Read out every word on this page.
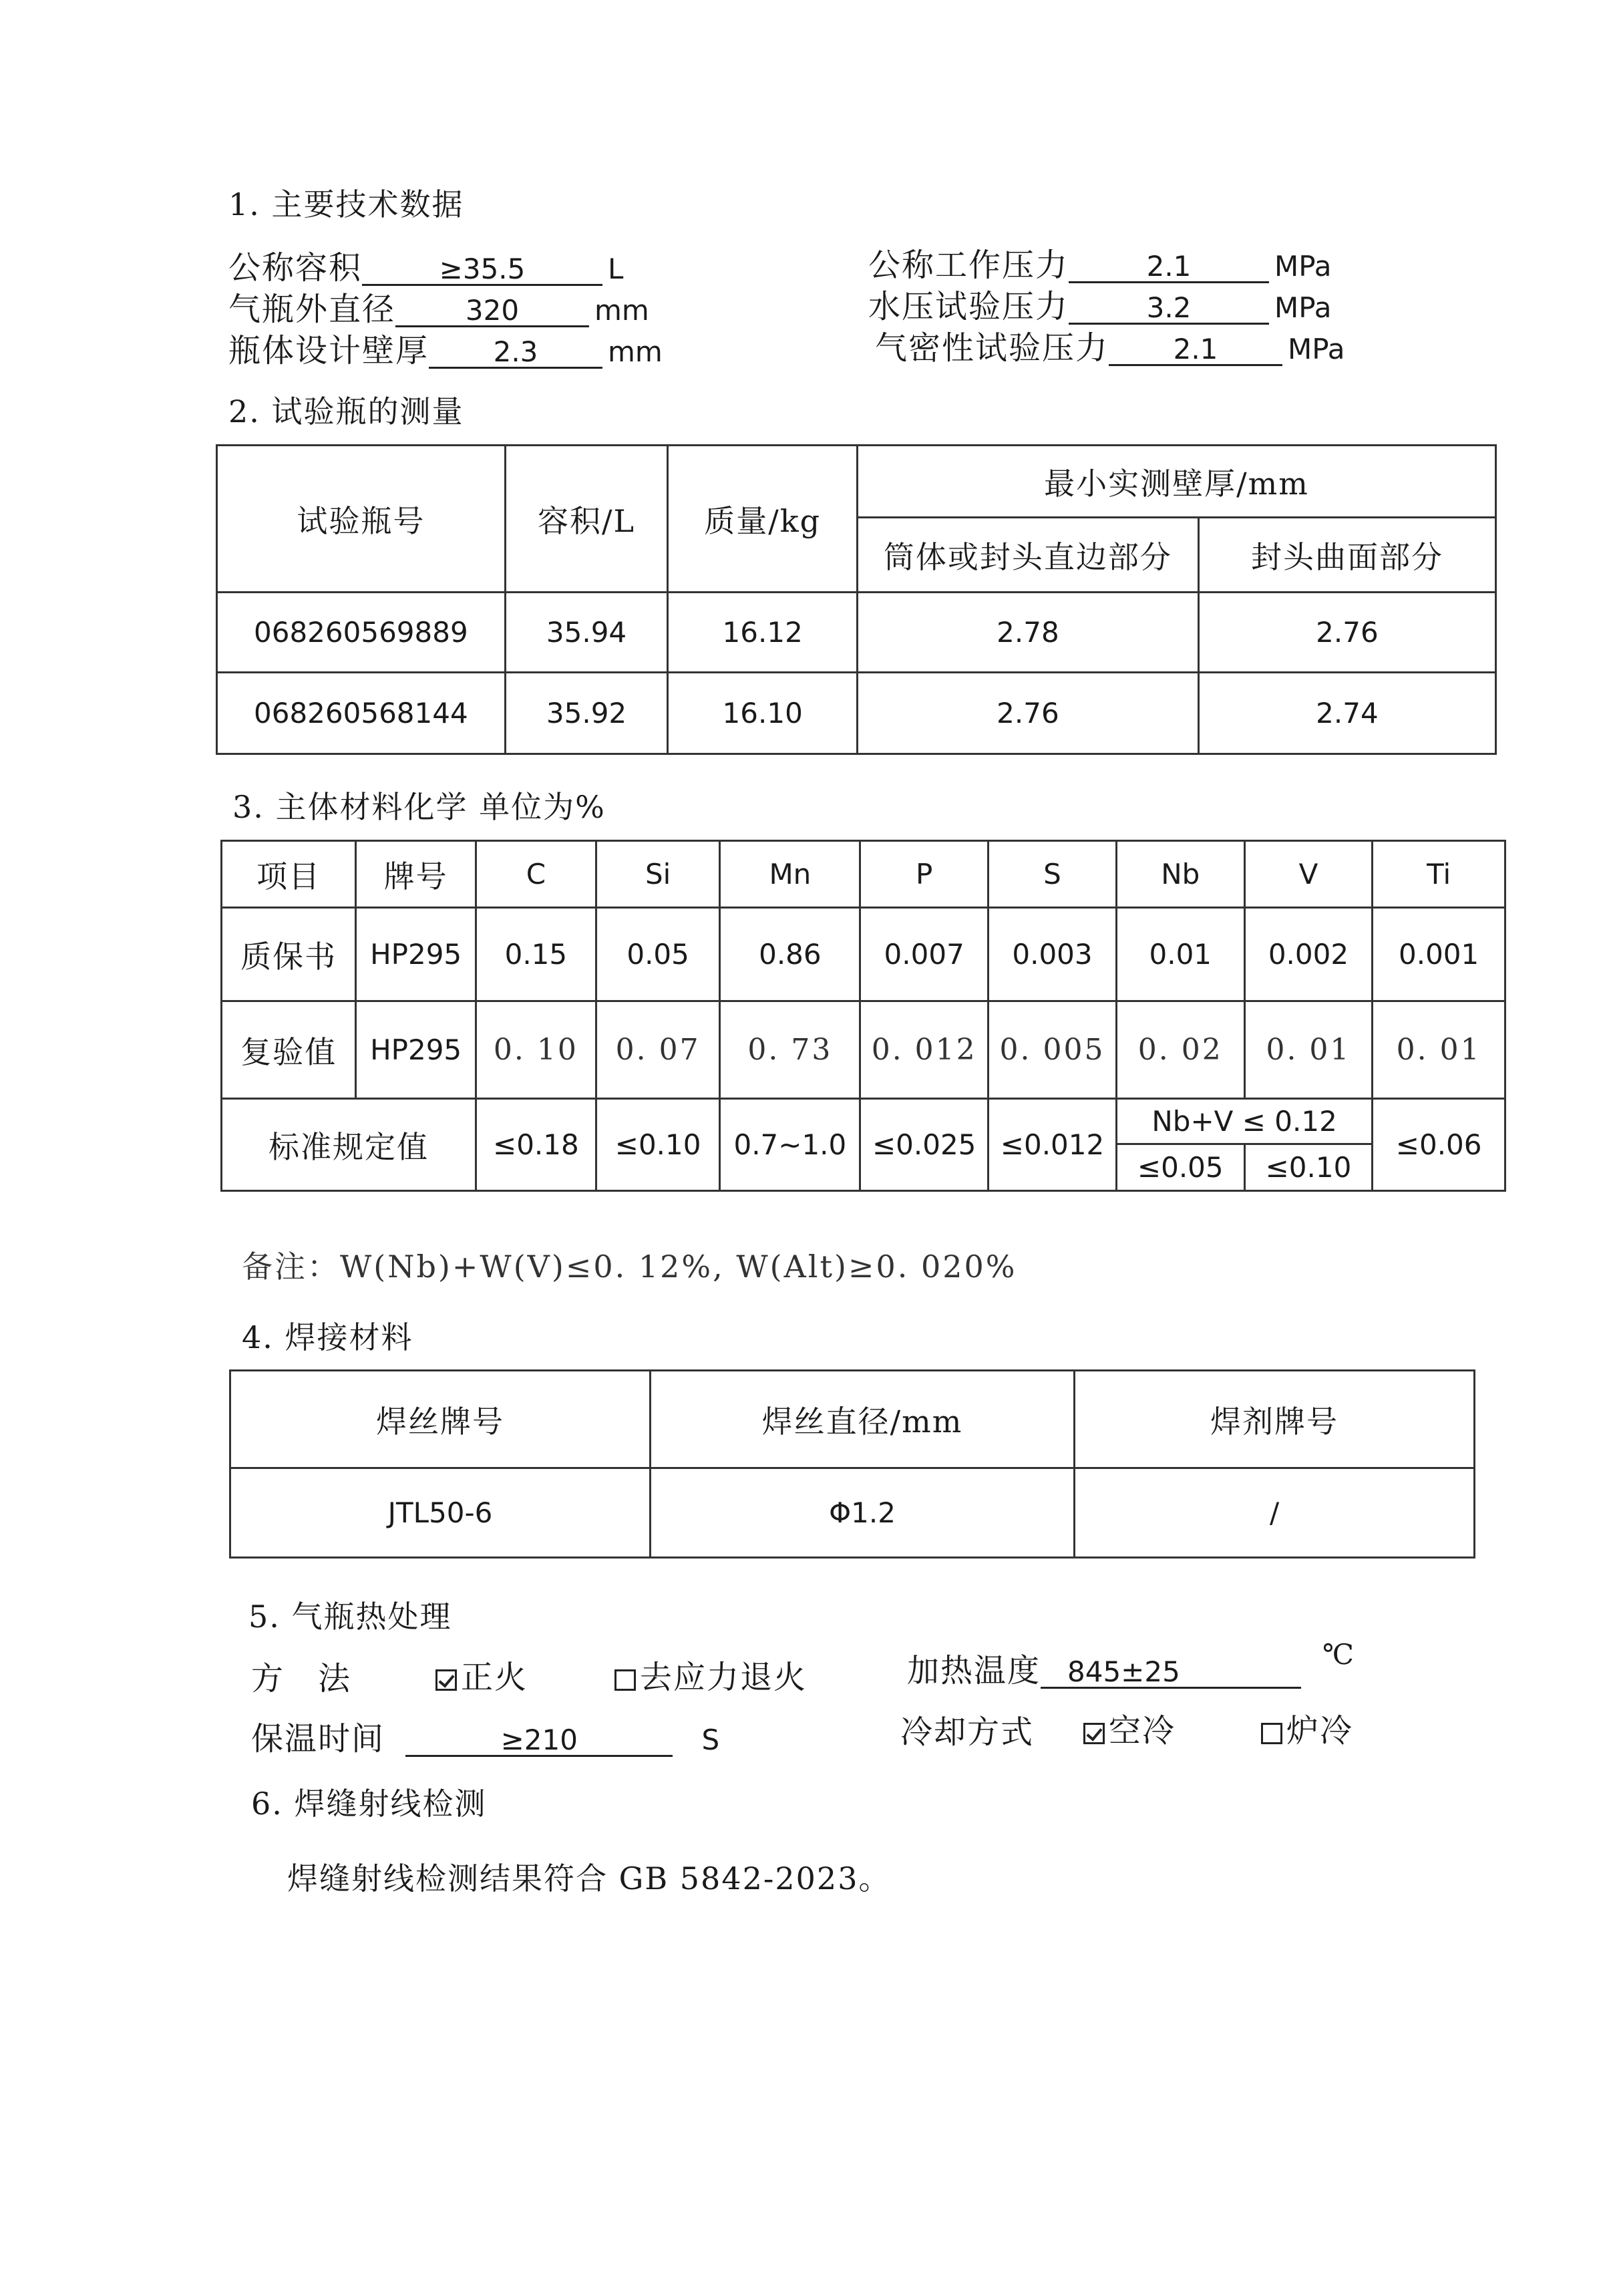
1. 主要技术数据
公称容积	≥35.5	L
气瓶外直径 320	mm
瓶体设计壁厚 2.3 mm
公称工作压力	2.1	MPa
水压试验压力	3.2	MPa
气密性试验压力 2.1 MPa
2. 试验瓶的测量
试验瓶号	容积/L	质量/kg	最小实测壁厚/mm	
			筒体或封头直边部分	封头曲面部分
068260569889	35.94	16.12	2.78	2.76
068260568144	35.92	16.10	2.76	2.74
3. 主体材料化学 单位为%
项目	牌号	C	Si	Mn	P	S	Nb	V	Ti
质保书	HP295	0.15	0.05	0.86	0.007	0.003	0.01	0.002	0.001
复验值	HP295	0. 10	0. 07	0. 73	0. 012	0. 005	0. 02	0. 01	0. 01
标准规定值		≤0.18	≤0.10	0.7~1.0	≤0.025	≤0.012	Nb+V ≤ 0.12		≤0.06
							≤0.05	≤0.10	
备注：W(Nb)+W(V)≤0. 12%, W(Alt)≥0. 020%
4. 焊接材料
焊丝牌号	焊丝直径/mm	焊剂牌号
JTL50-6	Φ1.2	/
5. 气瓶热处理
方　法	正火	去应力退火	加热温度 845±25
℃
保温时间	≥210	S	冷却方式	空冷	炉冷
6. 焊缝射线检测
焊缝射线检测结果符合 GB 5842-2023。
